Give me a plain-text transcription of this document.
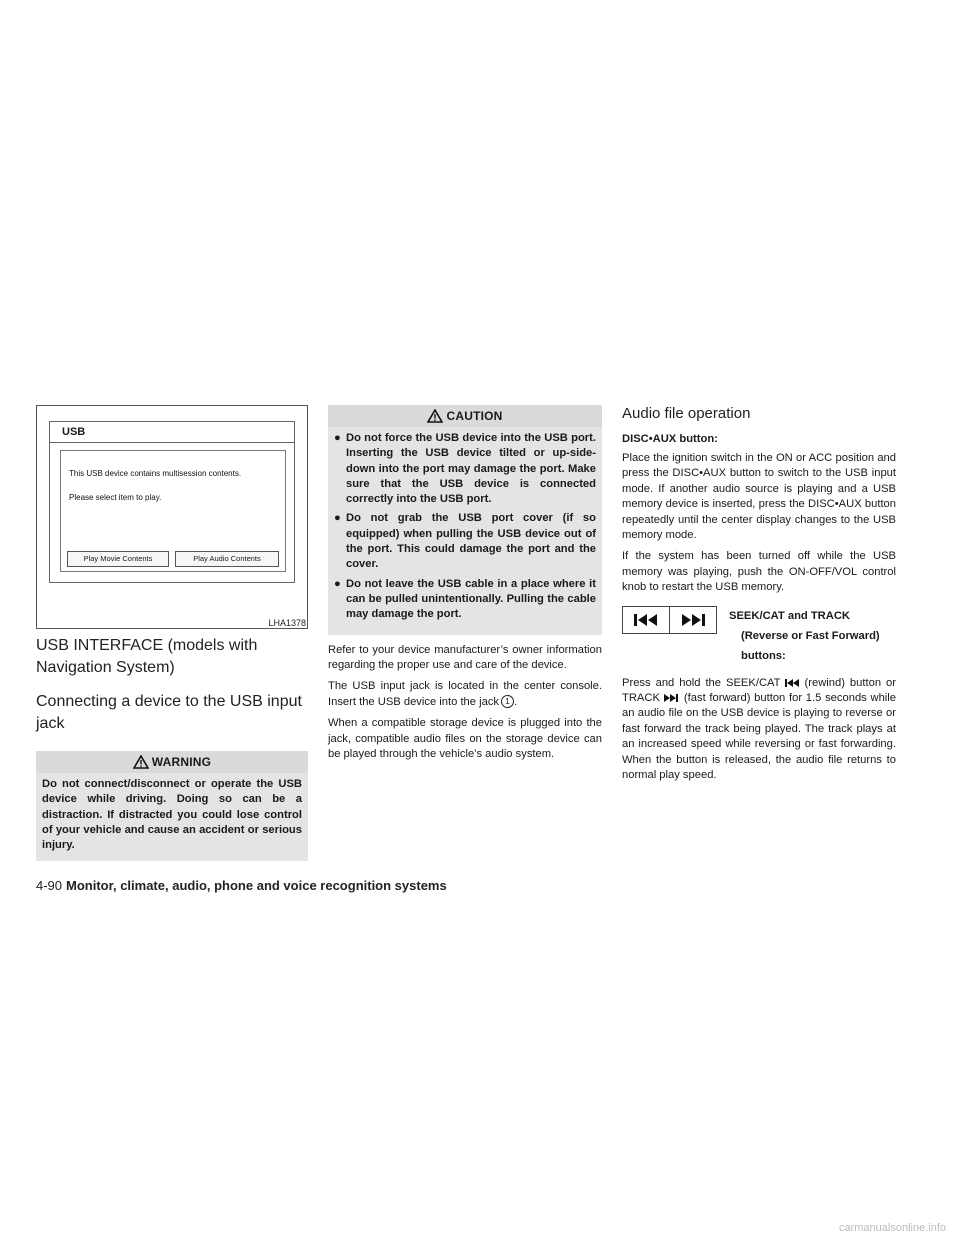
USB
This USB device contains multisession contents.
Please select item to play.
Play Movie Contents	Play Audio Contents
LHA1378
USB INTERFACE (models with Navigation System)
Connecting a device to the USB input jack
WARNING
Do not connect/disconnect or operate the USB device while driving. Doing so can be a distraction. If distracted you could lose control of your vehicle and cause an accident or serious injury.
CAUTION
● Do not force the USB device into the USB port. Inserting the USB device tilted or up-side-down into the port may damage the port. Make sure that the USB device is connected correctly into the USB port.
● Do not grab the USB port cover (if so equipped) when pulling the USB device out of the port. This could damage the port and the cover.
● Do not leave the USB cable in a place where it can be pulled unintentionally. Pulling the cable may damage the port.

Refer to your device manufacturer’s owner information regarding the proper use and care of the device.

The USB input jack is located in the center console. Insert the USB device into the jack 1 .

When a compatible storage device is plugged into the jack, compatible audio files on the storage device can be played through the vehicle’s audio system.

Audio file operation
DISC•AUX button:

Place the ignition switch in the ON or ACC position and press the DISC•AUX button to switch to the USB input mode. If another audio source is playing and a USB memory device is inserted, press the DISC•AUX button repeatedly until the center display changes to the USB memory mode.

If the system has been turned off while the USB memory was playing, push the ON-OFF/VOL control knob to restart the USB memory.

SEEK/CAT and TRACK
(Reverse or Fast Forward)
buttons:

Press and hold the SEEK/CAT (rewind) button or TRACK (fast forward) button for 1.5 seconds while an audio file on the USB device is playing to reverse or fast forward the track being played. The track plays at an increased speed while reversing or fast forwarding. When the button is released, the audio file returns to normal play speed.

4-90 Monitor, climate, audio, phone and voice recognition systems
carmanualsonline.info
